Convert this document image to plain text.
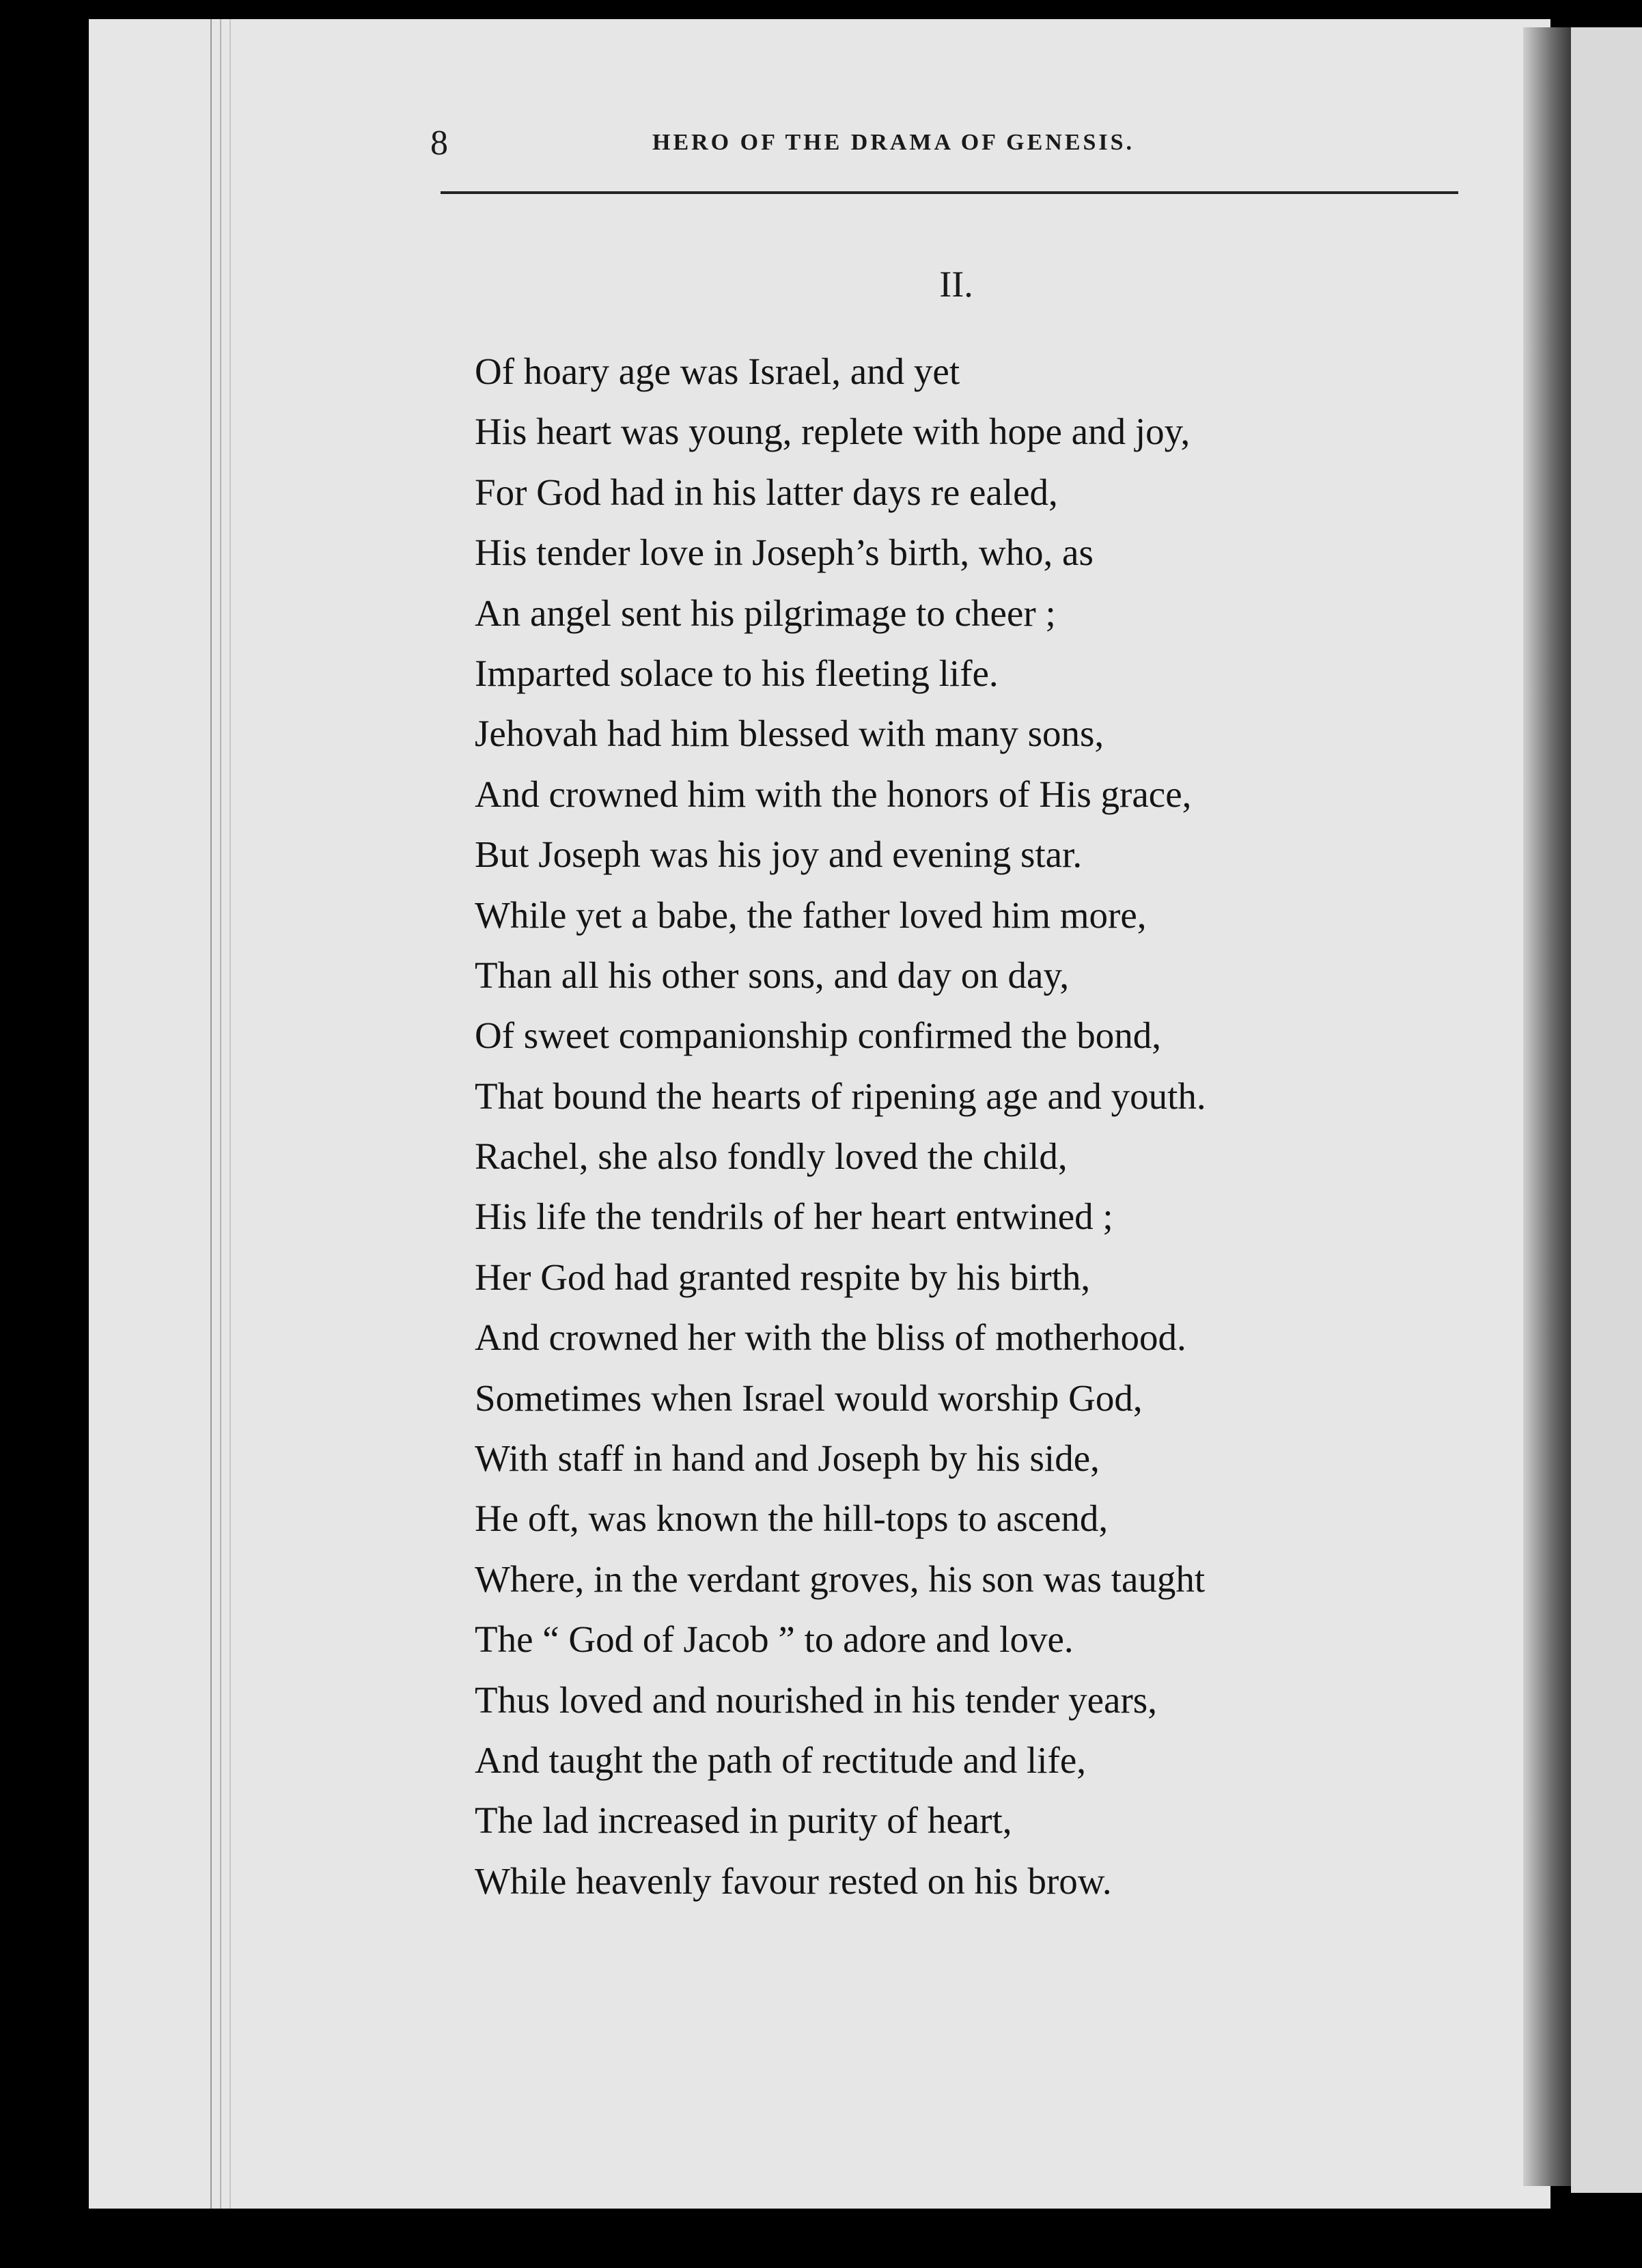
8	HERO OF THE DRAMA OF GENESIS.
II.
Of hoary age was Israel, and yet
His heart was young, replete with hope and joy,
For God had in his latter days re ealed,
His tender love in Joseph’s birth, who, as
An angel sent his pilgrimage to cheer ;
Imparted solace to his fleeting life.
Jehovah had him blessed with many sons,
And crowned him with the honors of His grace,
But Joseph was his joy and evening star.
While yet a babe, the father loved him more,
Than all his other sons, and day on day,
Of sweet companionship confirmed the bond,
That bound the hearts of ripening age and youth.
Rachel, she also fondly loved the child,
His life the tendrils of her heart entwined ;
Her God had granted respite by his birth,
And crowned her with the bliss of motherhood.
Sometimes when Israel would worship God,
With staff in hand and Joseph by his side,
He oft, was known the hill-tops to ascend,
Where, in the verdant groves, his son was taught
The “ God of Jacob ” to adore and love.
Thus loved and nourished in his tender years,
And taught the path of rectitude and life,
The lad increased in purity of heart,
While heavenly favour rested on his brow.
